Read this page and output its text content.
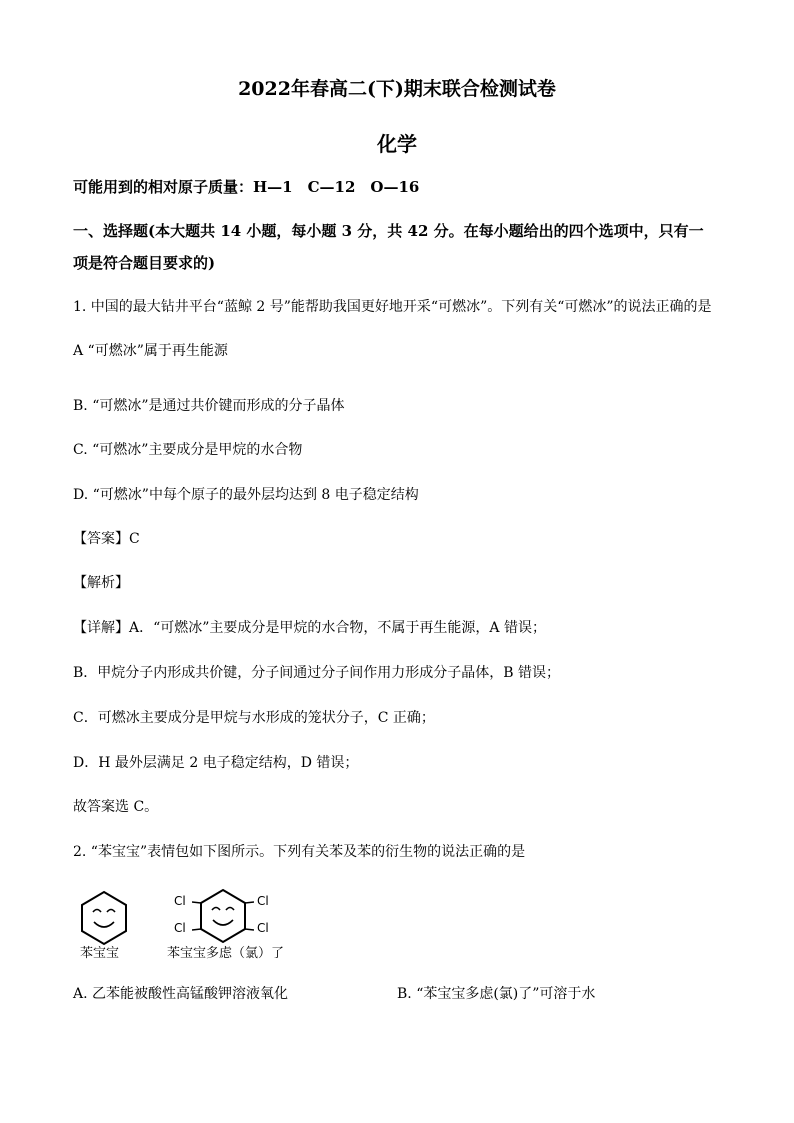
2022年春高二(下)期末联合检测试卷
化学
可能用到的相对原子质量：H—1　C—12　O—16
一、选择题(本大题共 14 小题，每小题 3 分，共 42 分。在每小题给出的四个选项中，只有一
项是符合题目要求的)
1. 中国的最大钻井平台“蓝鲸 2 号”能帮助我国更好地开采“可燃冰”。下列有关“可燃冰”的说法正确的是
A “可燃冰”属于再生能源
B. “可燃冰”是通过共价键而形成的分子晶体
C. “可燃冰”主要成分是甲烷的水合物
D. “可燃冰”中每个原子的最外层均达到 8 电子稳定结构
【答案】C
【解析】
【详解】A．“可燃冰”主要成分是甲烷的水合物，不属于再生能源，A 错误；
B．甲烷分子内形成共价键，分子间通过分子间作用力形成分子晶体，B 错误；
C．可燃冰主要成分是甲烷与水形成的笼状分子，C 正确；
D．H 最外层满足 2 电子稳定结构，D 错误；
故答案选 C。
2. “苯宝宝”表情包如下图所示。下列有关苯及苯的衍生物的说法正确的是
苯宝宝
Cl
Cl
Cl
Cl
苯宝宝多虑（氯）了
A. 乙苯能被酸性高锰酸钾溶液氧化	B. “苯宝宝多虑(氯)了”可溶于水
